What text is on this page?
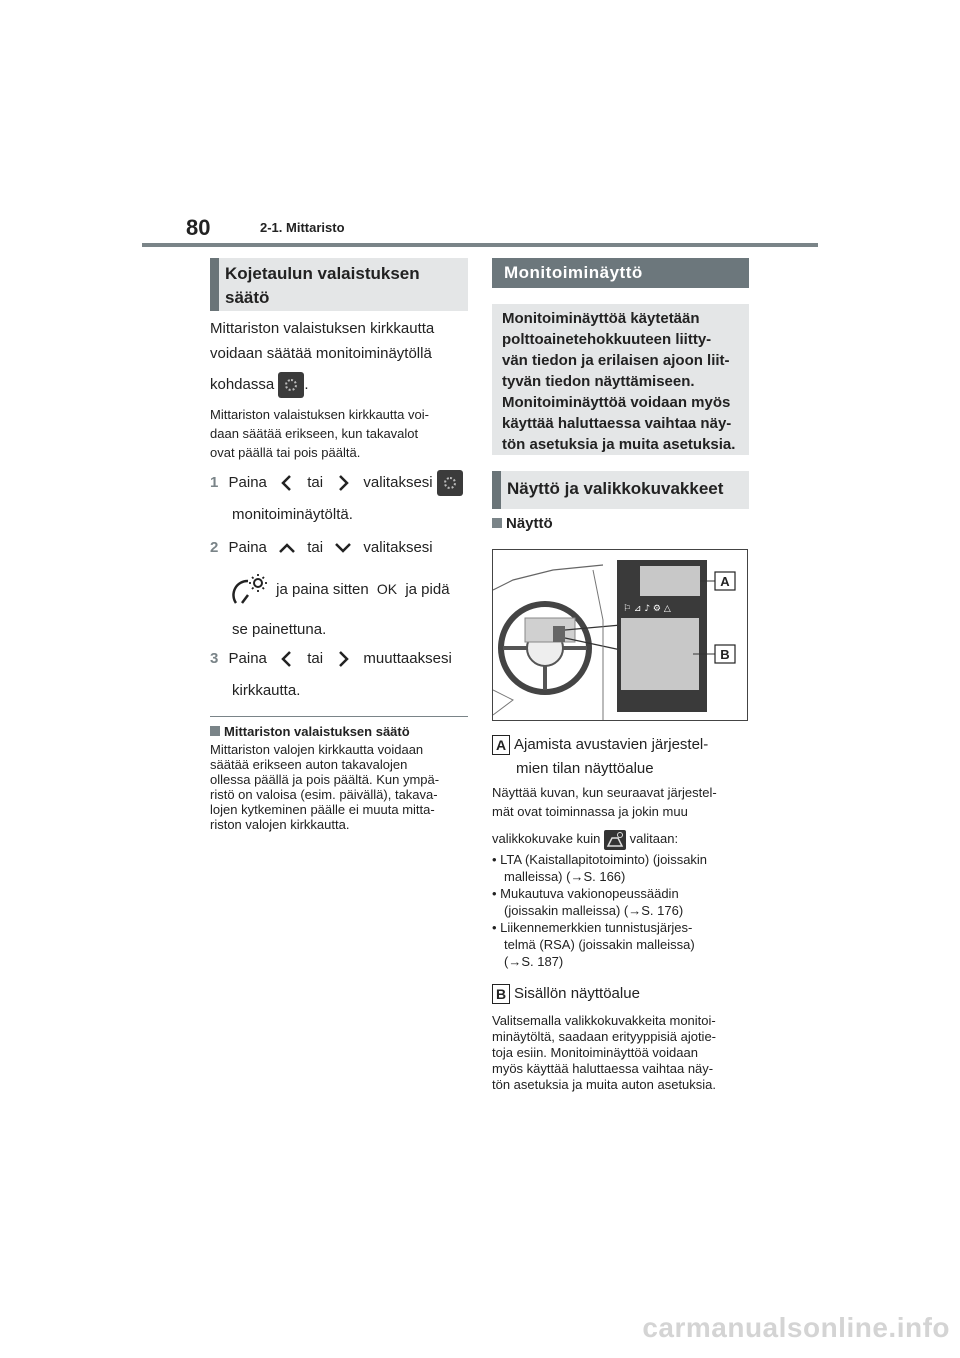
80	2-1. Mittaristo
Kojetaulun valaistuksen säätö
Mittariston valaistuksen kirkkautta
voidaan säätää monitoiminäytöllä
kohdassa .
Mittariston valaistuksen kirkkautta voi-
daan säätää erikseen, kun takavalot
ovat päällä tai pois päältä.
1 Paina	tai	valitaksesi
monitoiminäytöltä.
2 Paina	tai	valitaksesi
ja paina sitten OK ja pidä
se painettuna.
3 Paina	tai	muuttaaksesi
kirkkautta.
Mittariston valaistuksen säätö
Mittariston valojen kirkkautta voidaan
säätää erikseen auton takavalojen
ollessa päällä ja pois päältä. Kun ympä-
ristö on valoisa (esim. päivällä), takava-
lojen kytkeminen päälle ei muuta mitta-
riston valojen kirkkautta.
Monitoiminäyttö
Monitoiminäyttöä käytetään
polttoainetehokkuuteen liitty-
vän tiedon ja erilaisen ajoon liit-
tyvän tiedon näyttämiseen.
Monitoiminäyttöä voidaan myös
käyttää haluttaessa vaihtaa näy-
tön asetuksia ja muita asetuksia.
Näyttö ja valikkokuvakkeet
Näyttö
⚐ ⊿ ♪ ⚙ △
A
B
A Ajamista avustavien järjestel-
mien tilan näyttöalue
Näyttää kuvan, kun seuraavat järjestel-
mät ovat toiminnassa ja jokin muu
valikkokuvake kuin valitaan:
• LTA (Kaistallapitotoiminto) (joissakin
malleissa) (→S. 166)
• Mukautuva vakionopeussäädin
(joissakin malleissa) (→S. 176)
• Liikennemerkkien tunnistusjärjes-
telmä (RSA) (joissakin malleissa)
(→S. 187)
B Sisällön näyttöalue
Valitsemalla valikkokuvakkeita monitoi-
minäytöltä, saadaan erityyppisiä ajotie-
toja esiin. Monitoiminäyttöä voidaan
myös käyttää haluttaessa vaihtaa näy-
tön asetuksia ja muita auton asetuksia.
carmanualsonline.info
